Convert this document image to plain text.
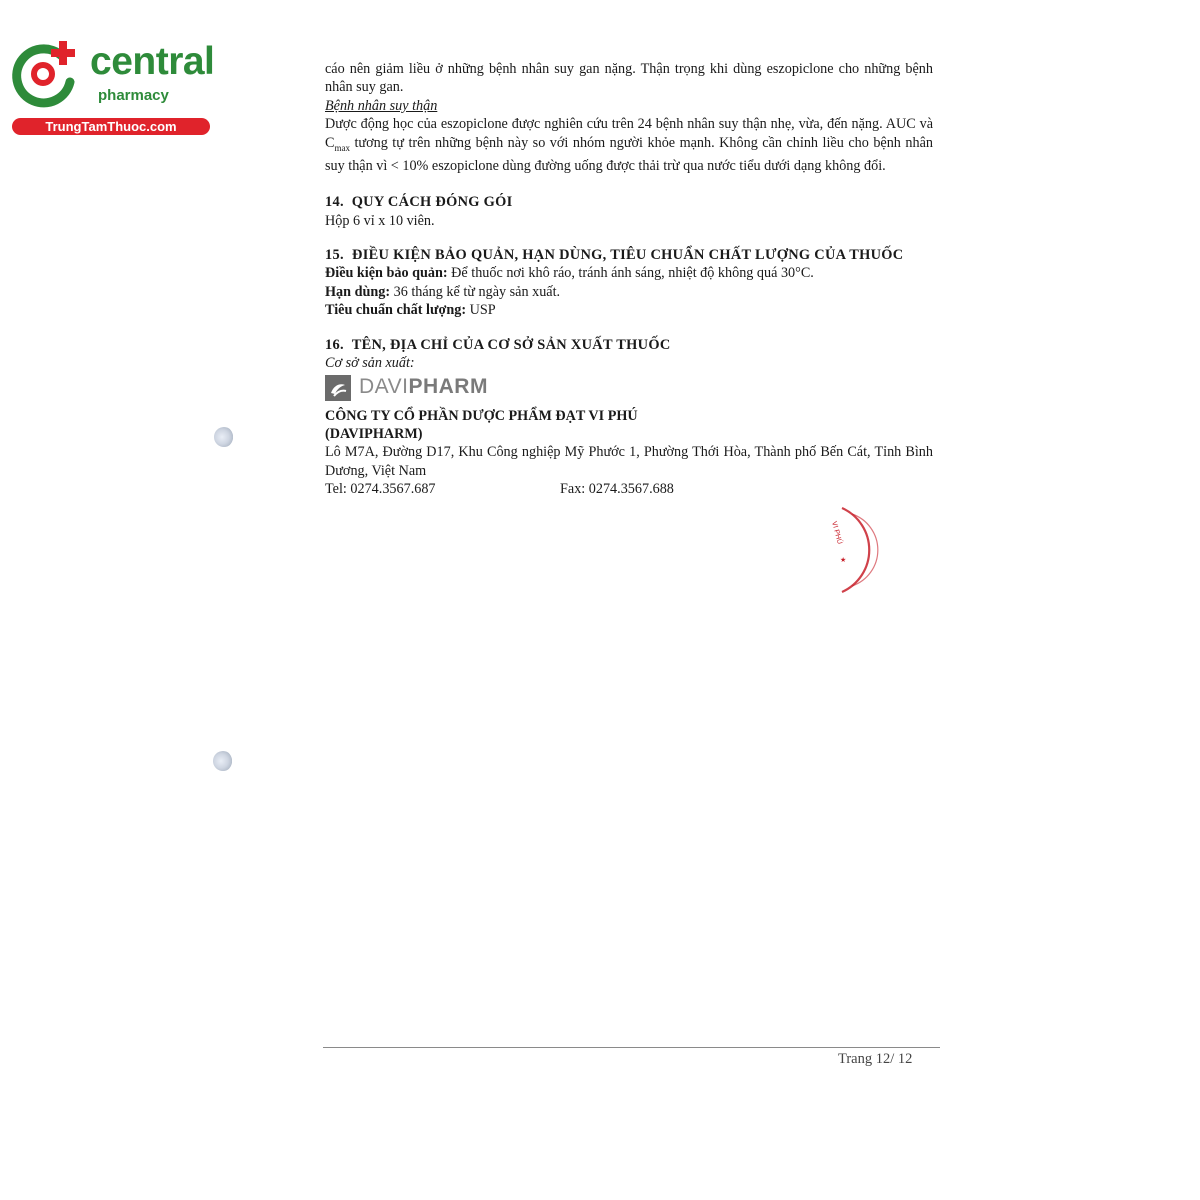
central
pharmacy
TrungTamThuoc.com

cáo nên giảm liều ở những bệnh nhân suy gan nặng. Thận trọng khi dùng eszopiclone cho những bệnh nhân suy gan.

Bệnh nhân suy thận

Dược động học của eszopiclone được nghiên cứu trên 24 bệnh nhân suy thận nhẹ, vừa, đến nặng. AUC và $C_{max}$ tương tự trên những bệnh này so với nhóm người khỏe mạnh. Không cần chỉnh liều cho bệnh nhân suy thận vì < 10% eszopiclone dùng đường uống được thải trừ qua nước tiểu dưới dạng không đổi.

14. QUY CÁCH ĐÓNG GÓI

Hộp 6 vỉ x 10 viên.

15. ĐIỀU KIỆN BẢO QUẢN, HẠN DÙNG, TIÊU CHUẨN CHẤT LƯỢNG CỦA THUỐC

Điều kiện bảo quản: Để thuốc nơi khô ráo, tránh ánh sáng, nhiệt độ không quá 30°C.

Hạn dùng: 36 tháng kể từ ngày sản xuất.

Tiêu chuẩn chất lượng: USP

16. TÊN, ĐỊA CHỈ CỦA CƠ SỞ SẢN XUẤT THUỐC

Cơ sở sản xuất:

DAVIPHARM

CÔNG TY CỔ PHẦN DƯỢC PHẨM ĐẠT VI PHÚ

(DAVIPHARM)

Lô M7A, Đường D17, Khu Công nghiệp Mỹ Phước 1, Phường Thới Hòa, Thành phố Bến Cát, Tỉnh Bình Dương, Việt Nam

Tel: 0274.3567.687	Fax: 0274.3567.688
VI PHÚ
★
Trang 12/ 12
